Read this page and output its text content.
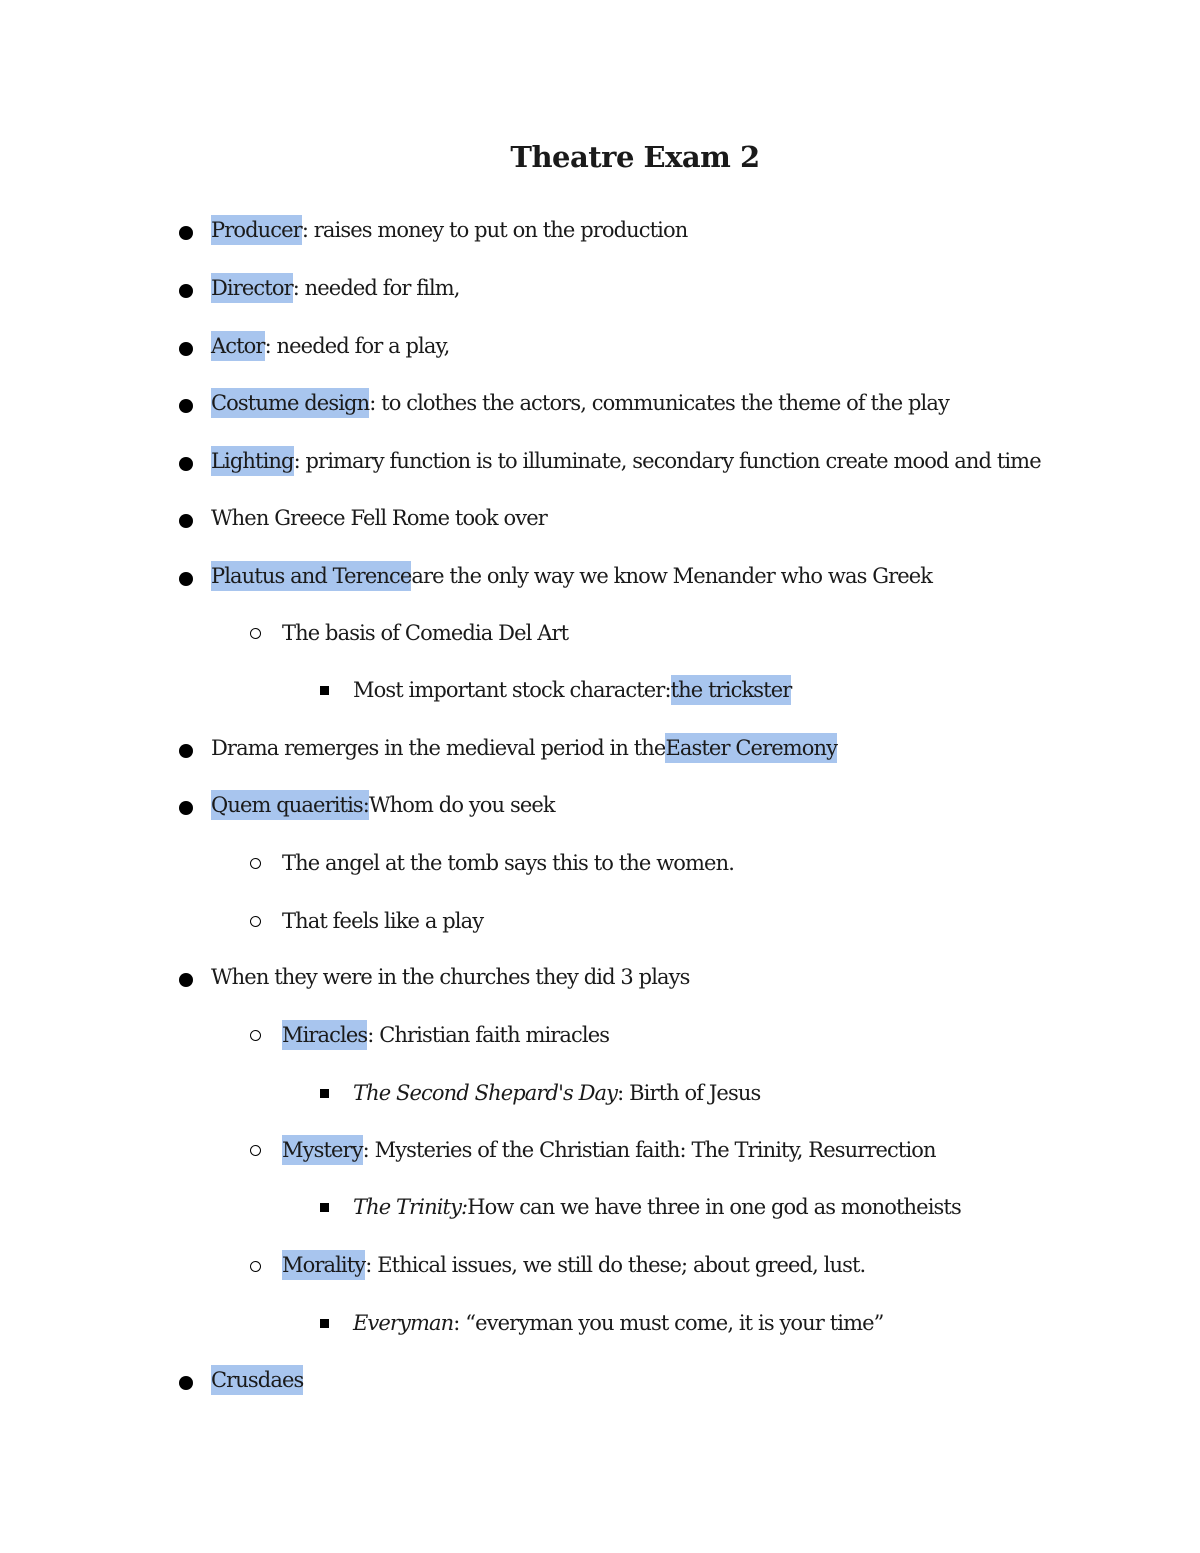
Theatre Exam 2
Producer : raises money to put on the production
Director : needed for film,
Actor : needed for a play,
Costume design : to clothes the actors, communicates the theme of the play
Lighting : primary function is to illuminate, secondary function create mood and time
When Greece Fell Rome took over
Plautus and Terence are the only way we know Menander who was Greek
The basis of Comedia Del Art
Most important stock character: the trickster
Drama remerges in the medieval period in the Easter Ceremony
Quem quaeritis: Whom do you seek
The angel at the tomb says this to the women.
That feels like a play
When they were in the churches they did 3 plays
Miracles : Christian faith miracles
The Second Shepard's Day : Birth of Jesus
Mystery : Mysteries of the Christian faith: The Trinity, Resurrection
The Trinity: How can we have three in one god as monotheists
Morality : Ethical issues, we still do these; about greed, lust.
Everyman : “everyman you must come, it is your time”
Crusdaes
